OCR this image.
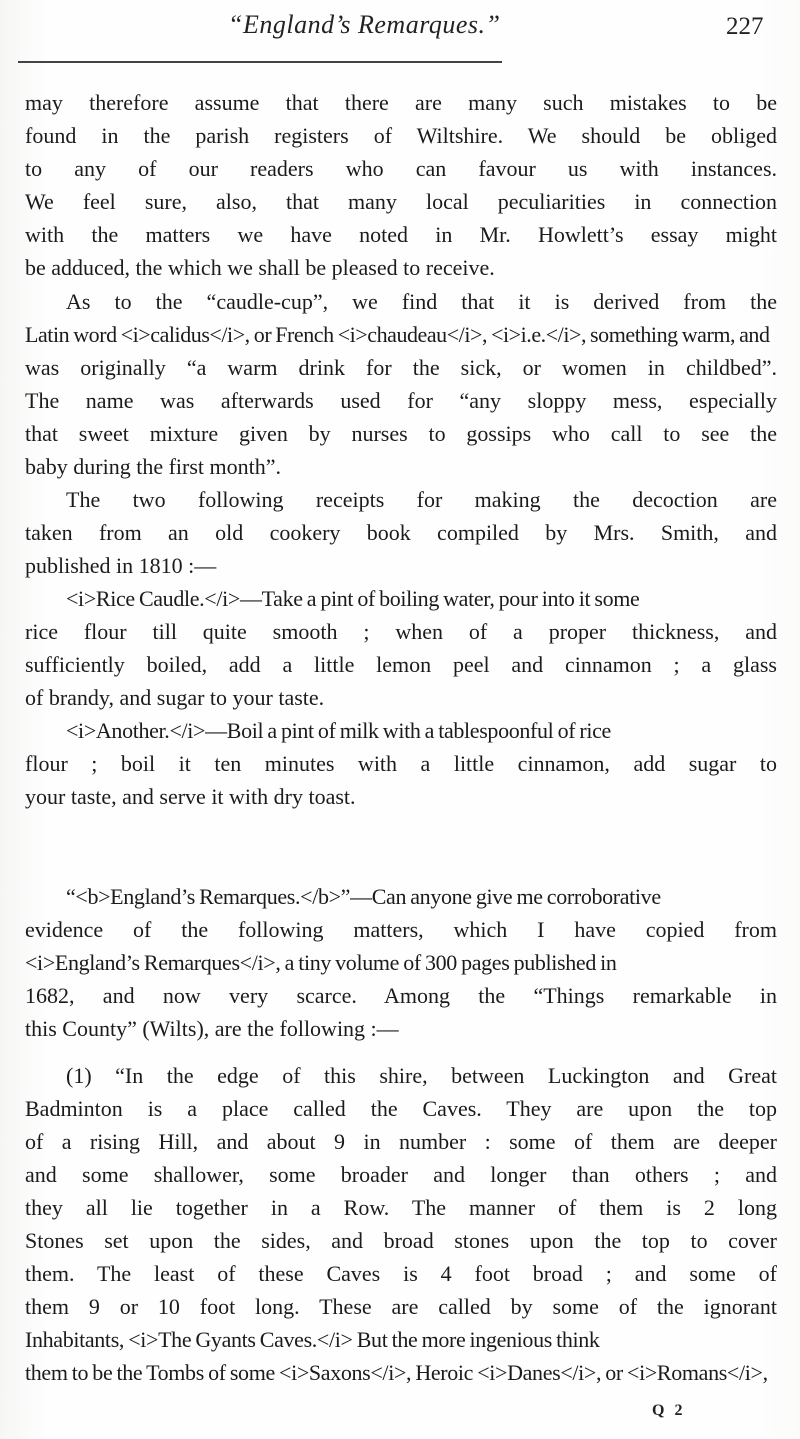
“England’s Remarques.”	227
may therefore assume that there are many such mistakes to be
found in the parish registers of Wiltshire. We should be obliged
to any of our readers who can favour us with instances.
We feel sure, also, that many local peculiarities in connection
with the matters we have noted in Mr. Howlett’s essay might
be adduced, the which we shall be pleased to receive.
As to the “caudle-cup”, we find that it is derived from the
Latin word <i>calidus</i>, or French <i>chaudeau</i>, <i>i.e.</i>, something warm, and
was originally “a warm drink for the sick, or women in childbed”.
The name was afterwards used for “any sloppy mess, especially
that sweet mixture given by nurses to gossips who call to see the
baby during the first month”.
The two following receipts for making the decoction are
taken from an old cookery book compiled by Mrs. Smith, and
published in 1810 :—
<i>Rice Caudle.</i>—Take a pint of boiling water, pour into it some
rice flour till quite smooth ; when of a proper thickness, and
sufficiently boiled, add a little lemon peel and cinnamon ; a glass
of brandy, and sugar to your taste.
<i>Another.</i>—Boil a pint of milk with a tablespoonful of rice
flour ; boil it ten minutes with a little cinnamon, add sugar to
your taste, and serve it with dry toast.
“<b>England’s Remarques.</b>”—Can anyone give me corroborative
evidence of the following matters, which I have copied from
<i>England’s Remarques</i>, a tiny volume of 300 pages published in
1682, and now very scarce. Among the “Things remarkable in
this County” (Wilts), are the following :—
(1) “In the edge of this shire, between Luckington and Great
Badminton is a place called the Caves. They are upon the top
of a rising Hill, and about 9 in number : some of them are deeper
and some shallower, some broader and longer than others ; and
they all lie together in a Row. The manner of them is 2 long
Stones set upon the sides, and broad stones upon the top to cover
them. The least of these Caves is 4 foot broad ; and some of
them 9 or 10 foot long. These are called by some of the ignorant
Inhabitants, <i>The Gyants Caves.</i> But the more ingenious think
them to be the Tombs of some <i>Saxons</i>, Heroic <i>Danes</i>, or <i>Romans</i>,
Q 2
